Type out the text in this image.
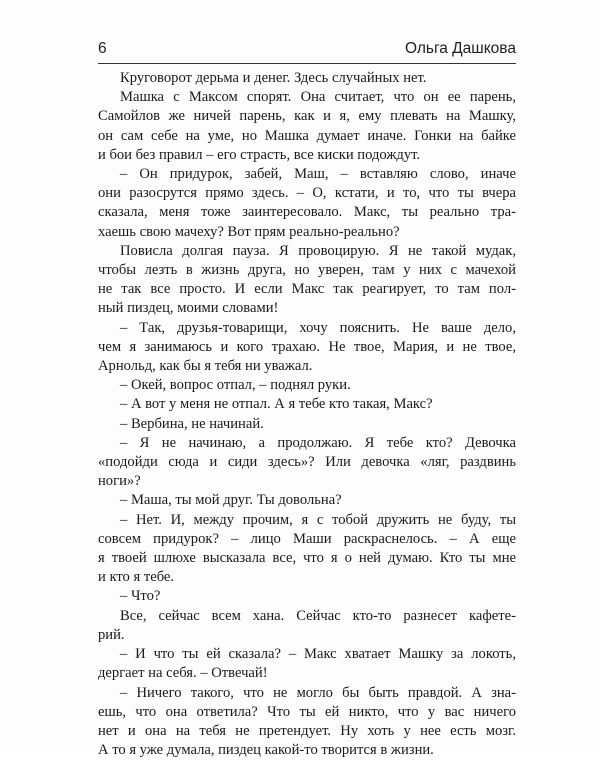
6	Ольга Дашкова
Круговорот дерьма и денег. Здесь случайных нет.
Машка с Максом спорят. Она считает, что он ее парень,
Самойлов же ничей парень, как и я, ему плевать на Машку,
он сам себе на уме, но Машка думает иначе. Гонки на байке
и бои без правил – его страсть, все киски подождут.
– Он придурок, забей, Маш, – вставляю слово, иначе
они разосрутся прямо здесь. – О, кстати, и то, что ты вчера
сказала, меня тоже заинтересовало. Макс, ты реально тра-
хаешь свою мачеху? Вот прям реально-реально?
Повисла долгая пауза. Я провоцирую. Я не такой мудак,
чтобы лезть в жизнь друга, но уверен, там у них с мачехой
не так все просто. И если Макс так реагирует, то там пол-
ный пиздец, моими словами!
– Так, друзья-товарищи, хочу пояснить. Не ваше дело,
чем я занимаюсь и кого трахаю. Не твое, Мария, и не твое,
Арнольд, как бы я тебя ни уважал.
– Окей, вопрос отпал, – поднял руки.
– А вот у меня не отпал. А я тебе кто такая, Макс?
– Вербина, не начинай.
– Я не начинаю, а продолжаю. Я тебе кто? Девочка
«подойди сюда и сиди здесь»? Или девочка «ляг, раздвинь
ноги»?
– Маша, ты мой друг. Ты довольна?
– Нет. И, между прочим, я с тобой дружить не буду, ты
совсем придурок? – лицо Маши раскраснелось. – А еще
я твоей шлюхе высказала все, что я о ней думаю. Кто ты мне
и кто я тебе.
– Что?
Все, сейчас всем хана. Сейчас кто-то разнесет кафете-
рий.
– И что ты ей сказала? – Макс хватает Машку за локоть,
дергает на себя. – Отвечай!
– Ничего такого, что не могло бы быть правдой. А зна-
ешь, что она ответила? Что ты ей никто, что у вас ничего
нет и она на тебя не претендует. Ну хоть у нее есть мозг.
А то я уже думала, пиздец какой-то творится в жизни.
